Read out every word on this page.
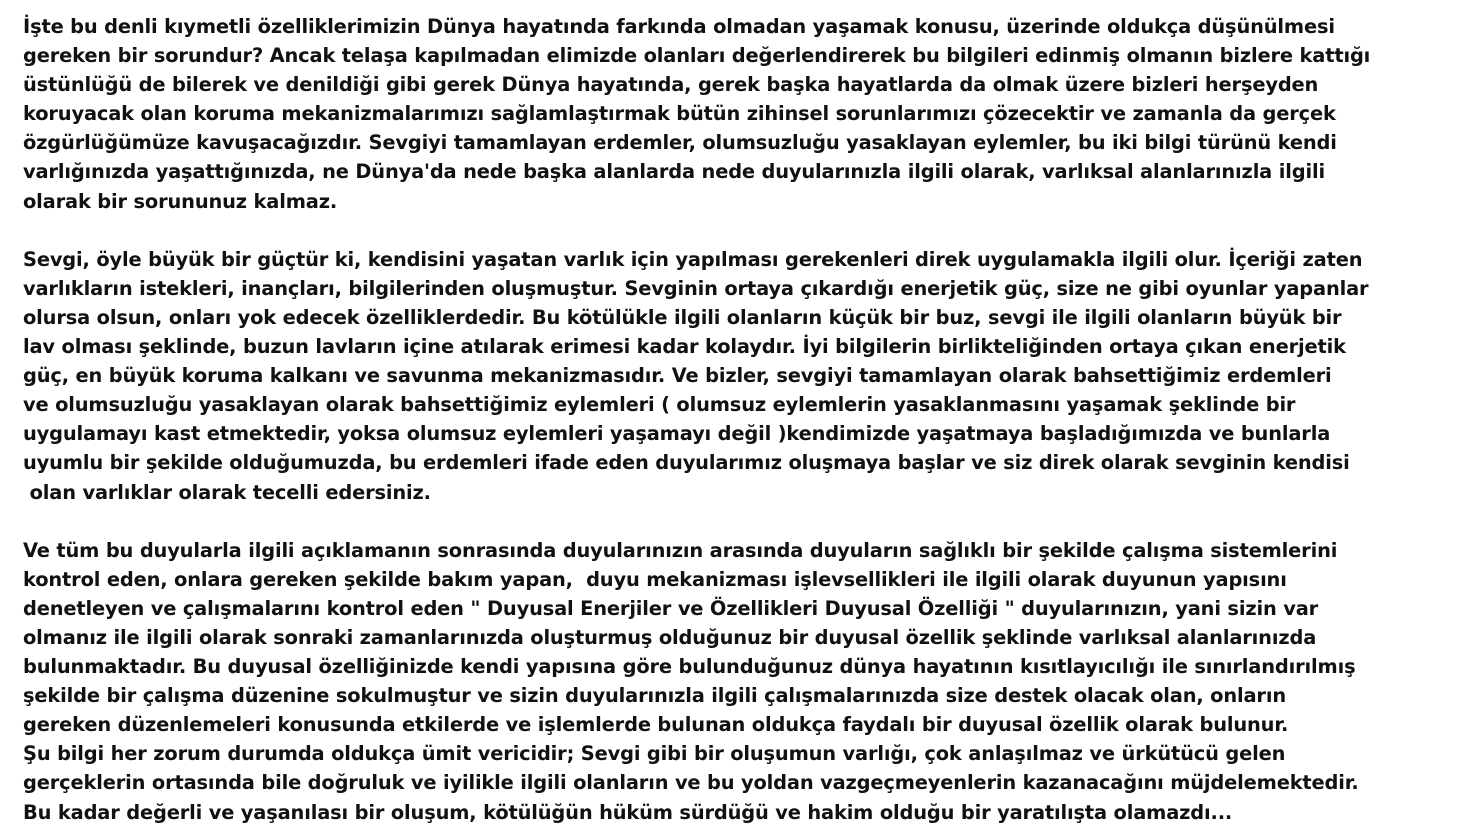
İşte bu denli kıymetli özelliklerimizin Dünya hayatında farkında olmadan yaşamak konusu, üzerinde oldukça düşünülmesi
gereken bir sorundur? Ancak telaşa kapılmadan elimizde olanları değerlendirerek bu bilgileri edinmiş olmanın bizlere kattığı
üstünlüğü de bilerek ve denildiği gibi gerek Dünya hayatında, gerek başka hayatlarda da olmak üzere bizleri herşeyden
koruyacak olan koruma mekanizmalarımızı sağlamlaştırmak bütün zihinsel sorunlarımızı çözecektir ve zamanla da gerçek
özgürlüğümüze kavuşacağızdır. Sevgiyi tamamlayan erdemler, olumsuzluğu yasaklayan eylemler, bu iki bilgi türünü kendi
varlığınızda yaşattığınızda, ne Dünya'da nede başka alanlarda nede duyularınızla ilgili olarak, varlıksal alanlarınızla ilgili
olarak bir sorununuz kalmaz.
Sevgi, öyle büyük bir güçtür ki, kendisini yaşatan varlık için yapılması gerekenleri direk uygulamakla ilgili olur. İçeriği zaten
varlıkların istekleri, inançları, bilgilerinden oluşmuştur. Sevginin ortaya çıkardığı enerjetik güç, size ne gibi oyunlar yapanlar
olursa olsun, onları yok edecek özelliklerdedir. Bu kötülükle ilgili olanların küçük bir buz, sevgi ile ilgili olanların büyük bir
lav olması şeklinde, buzun lavların içine atılarak erimesi kadar kolaydır. İyi bilgilerin birlikteliğinden ortaya çıkan enerjetik
güç, en büyük koruma kalkanı ve savunma mekanizmasıdır. Ve bizler, sevgiyi tamamlayan olarak bahsettiğimiz erdemleri
ve olumsuzluğu yasaklayan olarak bahsettiğimiz eylemleri ( olumsuz eylemlerin yasaklanmasını yaşamak şeklinde bir
uygulamayı kast etmektedir, yoksa olumsuz eylemleri yaşamayı değil )kendimizde yaşatmaya başladığımızda ve bunlarla
uyumlu bir şekilde olduğumuzda, bu erdemleri ifade eden duyularımız oluşmaya başlar ve siz direk olarak sevginin kendisi
olan varlıklar olarak tecelli edersiniz.
Ve tüm bu duyularla ilgili açıklamanın sonrasında duyularınızın arasında duyuların sağlıklı bir şekilde çalışma sistemlerini
kontrol eden, onlara gereken şekilde bakım yapan,  duyu mekanizması işlevsellikleri ile ilgili olarak duyunun yapısını
denetleyen ve çalışmalarını kontrol eden " Duyusal Enerjiler ve Özellikleri Duyusal Özelliği " duyularınızın, yani sizin var
olmanız ile ilgili olarak sonraki zamanlarınızda oluşturmuş olduğunuz bir duyusal özellik şeklinde varlıksal alanlarınızda
bulunmaktadır. Bu duyusal özelliğinizde kendi yapısına göre bulunduğunuz dünya hayatının kısıtlayıcılığı ile sınırlandırılmış
şekilde bir çalışma düzenine sokulmuştur ve sizin duyularınızla ilgili çalışmalarınızda size destek olacak olan, onların
gereken düzenlemeleri konusunda etkilerde ve işlemlerde bulunan oldukça faydalı bir duyusal özellik olarak bulunur.
Şu bilgi her zorum durumda oldukça ümit vericidir; Sevgi gibi bir oluşumun varlığı, çok anlaşılmaz ve ürkütücü gelen
gerçeklerin ortasında bile doğruluk ve iyilikle ilgili olanların ve bu yoldan vazgeçmeyenlerin kazanacağını müjdelemektedir.
Bu kadar değerli ve yaşanılası bir oluşum, kötülüğün hüküm sürdüğü ve hakim olduğu bir yaratılışta olamazdı...
